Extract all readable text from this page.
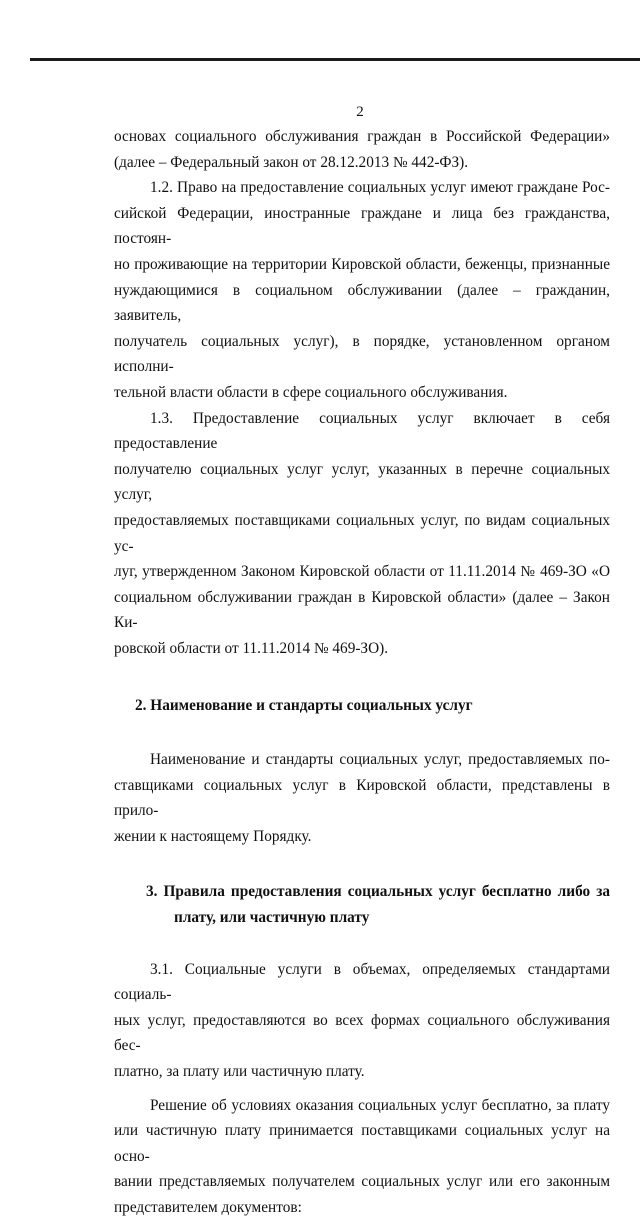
2

основах социального обслуживания граждан в Российской Федерации»

(далее – Федеральный закон от 28.12.2013 № 442-ФЗ).

1.2. Право на предоставление социальных услуг имеют граждане Рос-

сийской Федерации, иностранные граждане и лица без гражданства, постоян-

но проживающие на территории Кировской области, беженцы, признанные

нуждающимися в социальном обслуживании (далее – гражданин, заявитель,

получатель социальных услуг), в порядке, установленном органом исполни-

тельной власти области в сфере социального обслуживания.

1.3. Предоставление социальных услуг включает в себя предоставление

получателю социальных услуг услуг, указанных в перечне социальных услуг,

предоставляемых поставщиками социальных услуг, по видам социальных ус-

луг, утвержденном Законом Кировской области от 11.11.2014 № 469-ЗО «О

социальном обслуживании граждан в Кировской области» (далее – Закон Ки-

ровской области от 11.11.2014 № 469-ЗО).

2. Наименование и стандарты социальных услуг

Наименование и стандарты социальных услуг, предоставляемых по-

ставщиками социальных услуг в Кировской области, представлены в прило-

жении к настоящему Порядку.

3. Правила предоставления социальных услуг бесплатно либо за

плату, или частичную плату

3.1. Социальные услуги в объемах, определяемых стандартами социаль-

ных услуг, предоставляются во всех формах социального обслуживания бес-

платно, за плату или частичную плату.

Решение об условиях оказания социальных услуг бесплатно, за плату

или частичную плату принимается поставщиками социальных услуг на осно-

вании представляемых получателем социальных услуг или его законным

представителем документов:
